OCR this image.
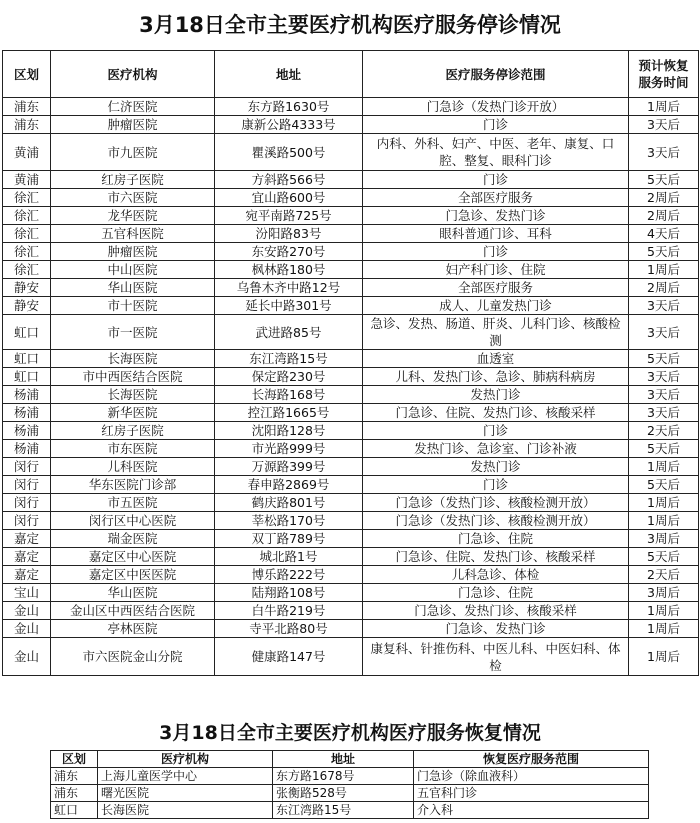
3月18日全市主要医疗机构医疗服务停诊情况
区划	医疗机构	地址	医疗服务停诊范围	预计恢复
服务时间
浦东	仁济医院	东方路1630号	门急诊（发热门诊开放）	1周后
浦东	肿瘤医院	康新公路4333号	门诊	3天后
黄浦	市九医院	瞿溪路500号	内科、外科、妇产、中医、老年、康复、口腔、整复、眼科门诊	3天后
黄浦	红房子医院	方斜路566号	门诊	5天后
徐汇	市六医院	宜山路600号	全部医疗服务	2周后
徐汇	龙华医院	宛平南路725号	门急诊、发热门诊	2周后
徐汇	五官科医院	汾阳路83号	眼科普通门诊、耳科	4天后
徐汇	肿瘤医院	东安路270号	门诊	5天后
徐汇	中山医院	枫林路180号	妇产科门诊、住院	1周后
静安	华山医院	乌鲁木齐中路12号	全部医疗服务	2周后
静安	市十医院	延长中路301号	成人、儿童发热门诊	3天后
虹口	市一医院	武进路85号	急诊、发热、肠道、肝炎、儿科门诊、核酸检测	3天后
虹口	长海医院	东江湾路15号	血透室	5天后
虹口	市中西医结合医院	保定路230号	儿科、发热门诊、急诊、肺病科病房	3天后
杨浦	长海医院	长海路168号	发热门诊	3天后
杨浦	新华医院	控江路1665号	门急诊、住院、发热门诊、核酸采样	3天后
杨浦	红房子医院	沈阳路128号	门诊	2天后
杨浦	市东医院	市光路999号	发热门诊、急诊室、门诊补液	5天后
闵行	儿科医院	万源路399号	发热门诊	1周后
闵行	华东医院门诊部	春申路2869号	门诊	5天后
闵行	市五医院	鹤庆路801号	门急诊（发热门诊、核酸检测开放）	1周后
闵行	闵行区中心医院	莘松路170号	门急诊（发热门诊、核酸检测开放）	1周后
嘉定	瑞金医院	双丁路789号	门急诊、住院	3周后
嘉定	嘉定区中心医院	城北路1号	门急诊、住院、发热门诊、核酸采样	5天后
嘉定	嘉定区中医医院	博乐路222号	儿科急诊、体检	2天后
宝山	华山医院	陆翔路108号	门急诊、住院	3周后
金山	金山区中西医结合医院	白牛路219号	门急诊、发热门诊、核酸采样	1周后
金山	亭林医院	寺平北路80号	门急诊、发热门诊	1周后
金山	市六医院金山分院	健康路147号	康复科、针推伤科、中医儿科、中医妇科、体检	1周后
3月18日全市主要医疗机构医疗服务恢复情况
区划	医疗机构	地址	恢复医疗服务范围
浦东	上海儿童医学中心	东方路1678号	门急诊（除血液科）
浦东	曙光医院	张衡路528号	五官科门诊
虹口	长海医院	东江湾路15号	介入科
